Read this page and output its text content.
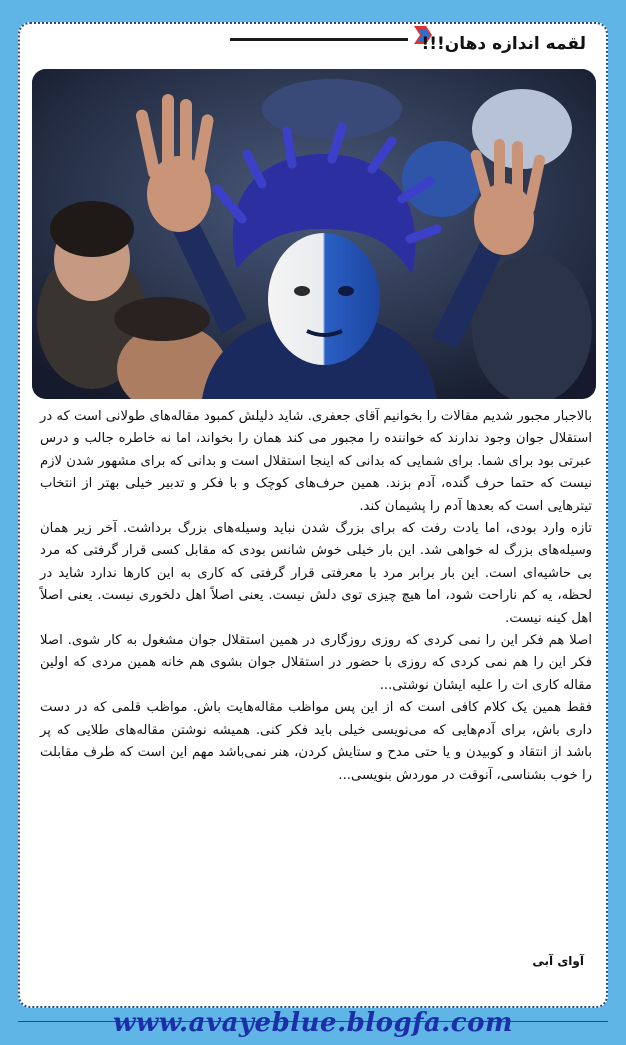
لقمه اندازه دهان!!!

بالاجبار مجبور شدیم مقالات را بخوانیم آقای جعفری. شاید دلیلش کمبود مقاله‌های طولانی است که در استقلال جوان وجود ندارند که خواننده را مجبور می کند همان را بخواند، اما نه خاطره جالب و درس عبرتی بود برای شما. برای شمایی که بدانی که اینجا استقلال است و بدانی که برای مشهور شدن لازم نیست که حتما حرف گنده، آدم بزند. همین حرف‌های کوچک و با فکر و تدبیر خیلی بهتر از انتخاب تیترهایی است که بعدها آدم را پشیمان کند.

تازه وارد بودی، اما یادت رفت که برای بزرگ شدن نباید وسیله‌های بزرگ برداشت. آخر زیر همان وسیله‌های بزرگ له خواهی شد. این بار خیلی خوش شانس بودی که مقابل کسی قرار گرفتی که مرد بی حاشیه‌ای است. این بار برابر مرد با معرفتی قرار گرفتی که کاری به این کارها ندارد شاید در لحظه، یه کم ناراحت شود، اما هیچ چیزی توی دلش نیست. یعنی اصلاً اهل دلخوری نیست. یعنی اصلاً اهل کینه نیست.

اصلا هم فکر این را نمی کردی که روزی روزگاری در همین استقلال جوان مشغول به کار شوی. اصلا فکر این را هم نمی کردی که روزی با حضور در استقلال جوان بشوی هم خانه همین مردی که اولین مقاله کاری ات را علیه ایشان نوشتی...

فقط همین یک کلام کافی است که از این پس مواظب مقاله‌هایت باش. مواظب قلمی که در دست داری باش، برای آدم‌هایی که می‌نویسی خیلی باید فکر کنی. همیشه نوشتن مقاله‌های طلایی که پر باشد از انتقاد و کوبیدن و یا حتی مدح و ستایش کردن، هنر نمی‌باشد مهم این است که طرف مقابلت را خوب بشناسی، آنوقت در موردش بنویسی...

آوای آبی
www.avayeblue.blogfa.com
